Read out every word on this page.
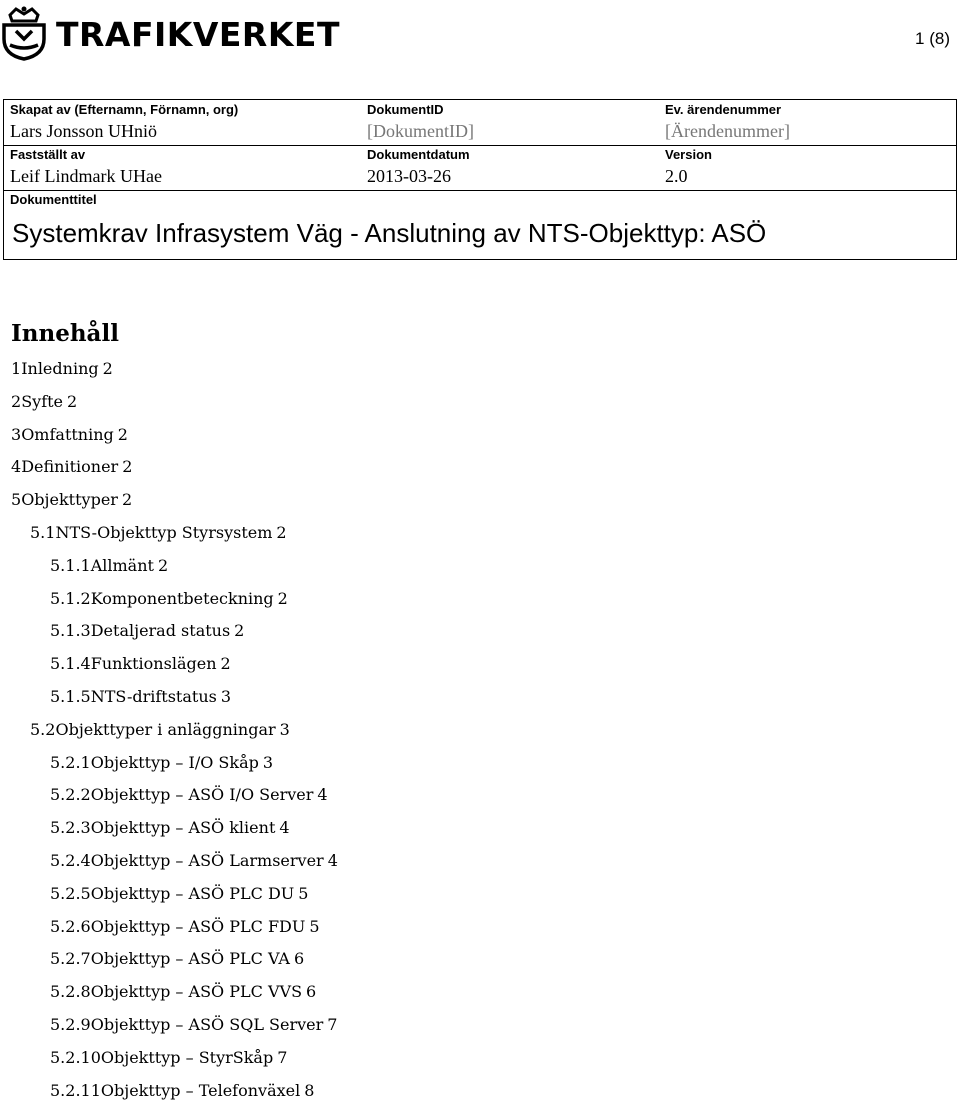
TRAFIKVERKET	1 (8)
Skapat av (Efternamn, Förnamn, org)
Lars Jonsson UHniö
DokumentID
[DokumentID]
Ev. ärendenummer
[Ärendenummer]
Fastställt av
Leif Lindmark UHae
Dokumentdatum
2013-03-26
Version
2.0
Dokumenttitel
Systemkrav Infrasystem Väg - Anslutning av NTS-Objekttyp: ASÖ
Innehåll
1 Inledning 2
2 Syfte 2
3 Omfattning 2
4 Definitioner 2
5 Objekttyper 2
5.1 NTS-Objekttyp Styrsystem 2
5.1.1 Allmänt 2
5.1.2 Komponentbeteckning 2
5.1.3 Detaljerad status 2
5.1.4 Funktionslägen 2
5.1.5 NTS-driftstatus 3
5.2 Objekttyper i anläggningar 3
5.2.1 Objekttyp – I/O Skåp 3
5.2.2 Objekttyp – ASÖ I/O Server 4
5.2.3 Objekttyp – ASÖ klient 4
5.2.4 Objekttyp – ASÖ Larmserver 4
5.2.5 Objekttyp – ASÖ PLC DU 5
5.2.6 Objekttyp – ASÖ PLC FDU 5
5.2.7 Objekttyp – ASÖ PLC VA 6
5.2.8 Objekttyp – ASÖ PLC VVS 6
5.2.9 Objekttyp – ASÖ SQL Server 7
5.2.10 Objekttyp – StyrSkåp 7
5.2.11 Objekttyp – Telefonväxel 8
